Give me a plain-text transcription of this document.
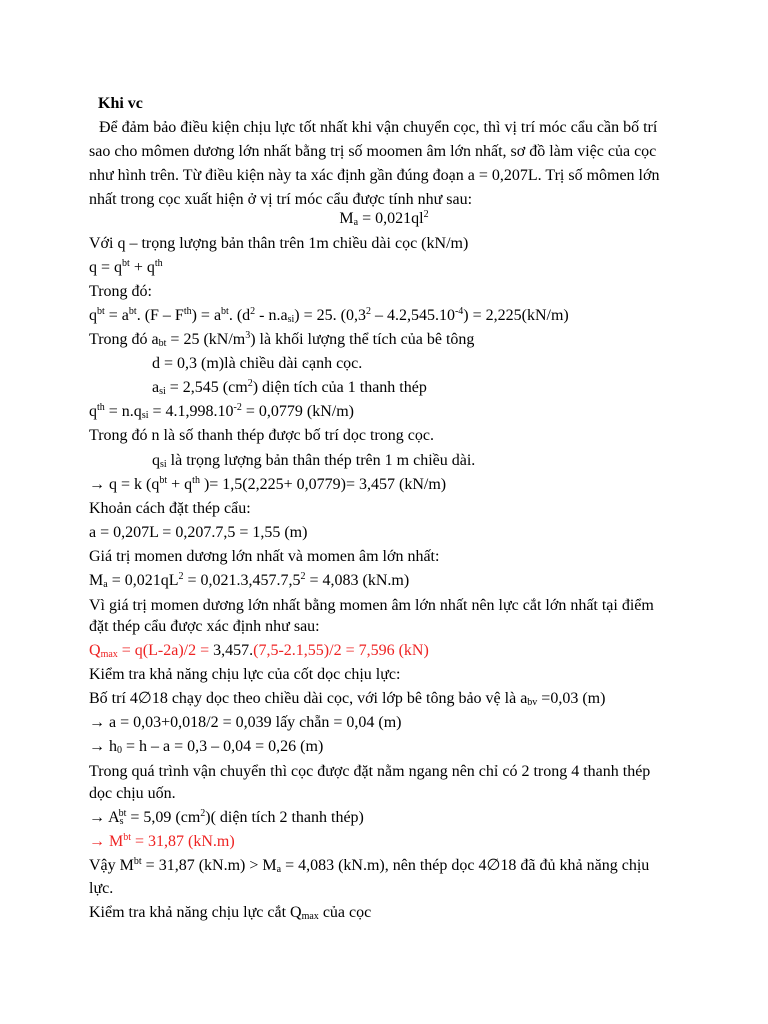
Khi vc
Để đảm bảo điều kiện chịu lực tốt nhất khi vận chuyển cọc, thì vị trí móc cẩu cần bố trí
sao cho mômen dương lớn nhất bằng trị số moomen âm lớn nhất, sơ đồ làm việc của cọc
như hình trên. Từ điều kiện này ta xác định gần đúng đoạn a = 0,207L. Trị số mômen lớn
nhất trong cọc xuất hiện ở vị trí móc cẩu được tính như sau:
$M_a = 0,021ql^2$
Với q – trọng lượng bản thân trên 1m chiều dài cọc (kN/m)
$q = q^{bt} + q^{th}$
Trong đó:
$q^{bt} = a^{bt}$. $(F - F^{th}) = a^{bt}$. $(d^2 - n.a_{si}) = 25$. $(0,3^2 - 4.2,545.10^{-4}) = 2,225(kN/m)$
Trong đó $a_{bt} = 25$ $(kN/m^3)$ là khối lượng thể tích của bê tông
d = 0,3 (m)là chiều dài cạnh cọc.
$a_{si} = 2,545$ $(cm^2)$ diện tích của 1 thanh thép
$q^{th} = n.q_{si} = 4.1,998.10^{-2} = 0,0779$ (kN/m)
Trong đó n là số thanh thép được bố trí dọc trong cọc.
$q_{si}$ là trọng lượng bản thân thép trên 1 m chiều dài.
→ q = k ($q^{bt} + q^{th}$ )= 1,5(2,225+ 0,0779)= 3,457 (kN/m)
Khoản cách đặt thép cẩu:
a = 0,207L = 0,207.7,5 = 1,55 (m)
Giá trị momen dương lớn nhất và momen âm lớn nhất:
$M_a = 0,021qL^2 = 0,021.3,457.7,5^2 = 4,083$ (kN.m)
Vì giá trị momen dương lớn nhất bằng momen âm lớn nhất nên lực cắt lớn nhất tại điểm
đặt thép cẩu được xác định như sau:
$Q_{max} = q(L-2a)/2 = 3,457.(7,5-2.1,55)/2 = 7,596$ (kN)
Kiểm tra khả năng chịu lực của cốt dọc chịu lực:
Bố trí 4∅18 chạy dọc theo chiều dài cọc, với lớp bê tông bảo vệ là $a_{bv} =0,03$ (m)
→ a = 0,03+0,018/2 = 0,039 lấy chẵn = 0,04 (m)
→ $h_0 = h - a = 0,3 - 0,04 = 0,26$ (m)
Trong quá trình vận chuyển thì cọc được đặt nằm ngang nên chỉ có 2 trong 4 thanh thép
dọc chịu uốn.
→ $A_s^{bt} = 5,09$ $(cm^2)$( diện tích 2 thanh thép)
→ $M^{bt} = 31,87$ (kN.m)
Vậy $M^{bt} = 31,87$ $(kN.m) > M_a = 4,083$ (kN.m), nên thép dọc 4∅18 đã đủ khả năng chịu
lực.
Kiểm tra khả năng chịu lực cắt $Q_{max}$ của cọc
